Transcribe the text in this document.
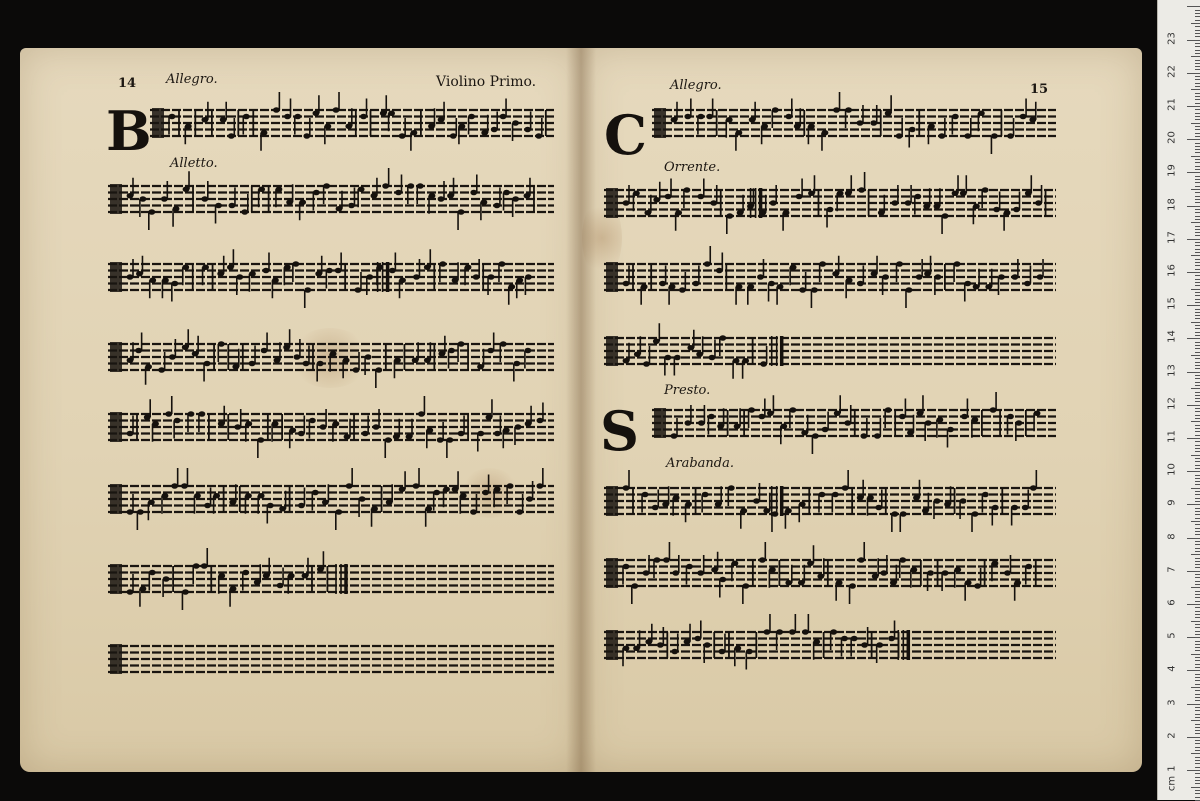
14 Allegro.	Violino Primo.
B
Alletto.
15
Allegro.
C
Orrente.
Presto.
S
Arabanda.
1
2
3
4
5
6
7
8
9
10
11
12
13
14
15
16
17
18
19
20
21
22
23
cm
